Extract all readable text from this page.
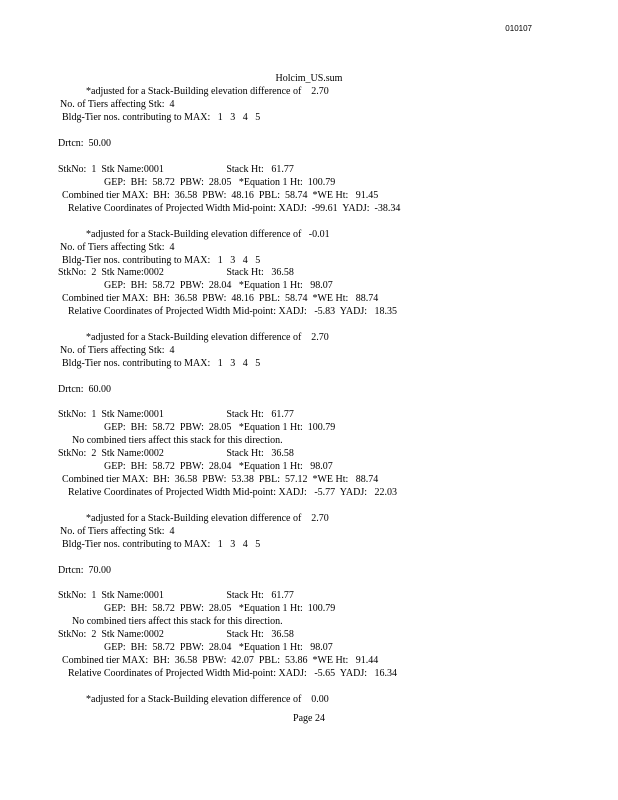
010107
Holcim_US.sum
*adjusted for a Stack-Building elevation difference of    2.70
No. of Tiers affecting Stk:  4
Bldg-Tier nos. contributing to MAX:   1   3   4   5
Drtcn:  50.00
StkNo:  1  Stk Name:0001                         Stack Ht:   61.77
GEP:  BH:  58.72  PBW:  28.05   *Equation 1 Ht:  100.79
Combined tier MAX:  BH:  36.58  PBW:  48.16  PBL:  58.74  *WE Ht:   91.45
Relative Coordinates of Projected Width Mid-point: XADJ:  -99.61  YADJ:  -38.34
*adjusted for a Stack-Building elevation difference of   -0.01
No. of Tiers affecting Stk:  4
Bldg-Tier nos. contributing to MAX:   1   3   4   5
StkNo:  2  Stk Name:0002                         Stack Ht:   36.58
GEP:  BH:  58.72  PBW:  28.04   *Equation 1 Ht:   98.07
Combined tier MAX:  BH:  36.58  PBW:  48.16  PBL:  58.74  *WE Ht:   88.74
Relative Coordinates of Projected Width Mid-point: XADJ:   -5.83  YADJ:   18.35
*adjusted for a Stack-Building elevation difference of    2.70
No. of Tiers affecting Stk:  4
Bldg-Tier nos. contributing to MAX:   1   3   4   5
Drtcn:  60.00
StkNo:  1  Stk Name:0001                         Stack Ht:   61.77
GEP:  BH:  58.72  PBW:  28.05   *Equation 1 Ht:  100.79
No combined tiers affect this stack for this direction.
StkNo:  2  Stk Name:0002                         Stack Ht:   36.58
GEP:  BH:  58.72  PBW:  28.04   *Equation 1 Ht:   98.07
Combined tier MAX:  BH:  36.58  PBW:  53.38  PBL:  57.12  *WE Ht:   88.74
Relative Coordinates of Projected Width Mid-point: XADJ:   -5.77  YADJ:   22.03
*adjusted for a Stack-Building elevation difference of    2.70
No. of Tiers affecting Stk:  4
Bldg-Tier nos. contributing to MAX:   1   3   4   5
Drtcn:  70.00
StkNo:  1  Stk Name:0001                         Stack Ht:   61.77
GEP:  BH:  58.72  PBW:  28.05   *Equation 1 Ht:  100.79
No combined tiers affect this stack for this direction.
StkNo:  2  Stk Name:0002                         Stack Ht:   36.58
GEP:  BH:  58.72  PBW:  28.04   *Equation 1 Ht:   98.07
Combined tier MAX:  BH:  36.58  PBW:  42.07  PBL:  53.86  *WE Ht:   91.44
Relative Coordinates of Projected Width Mid-point: XADJ:   -5.65  YADJ:   16.34
*adjusted for a Stack-Building elevation difference of    0.00
Page 24
